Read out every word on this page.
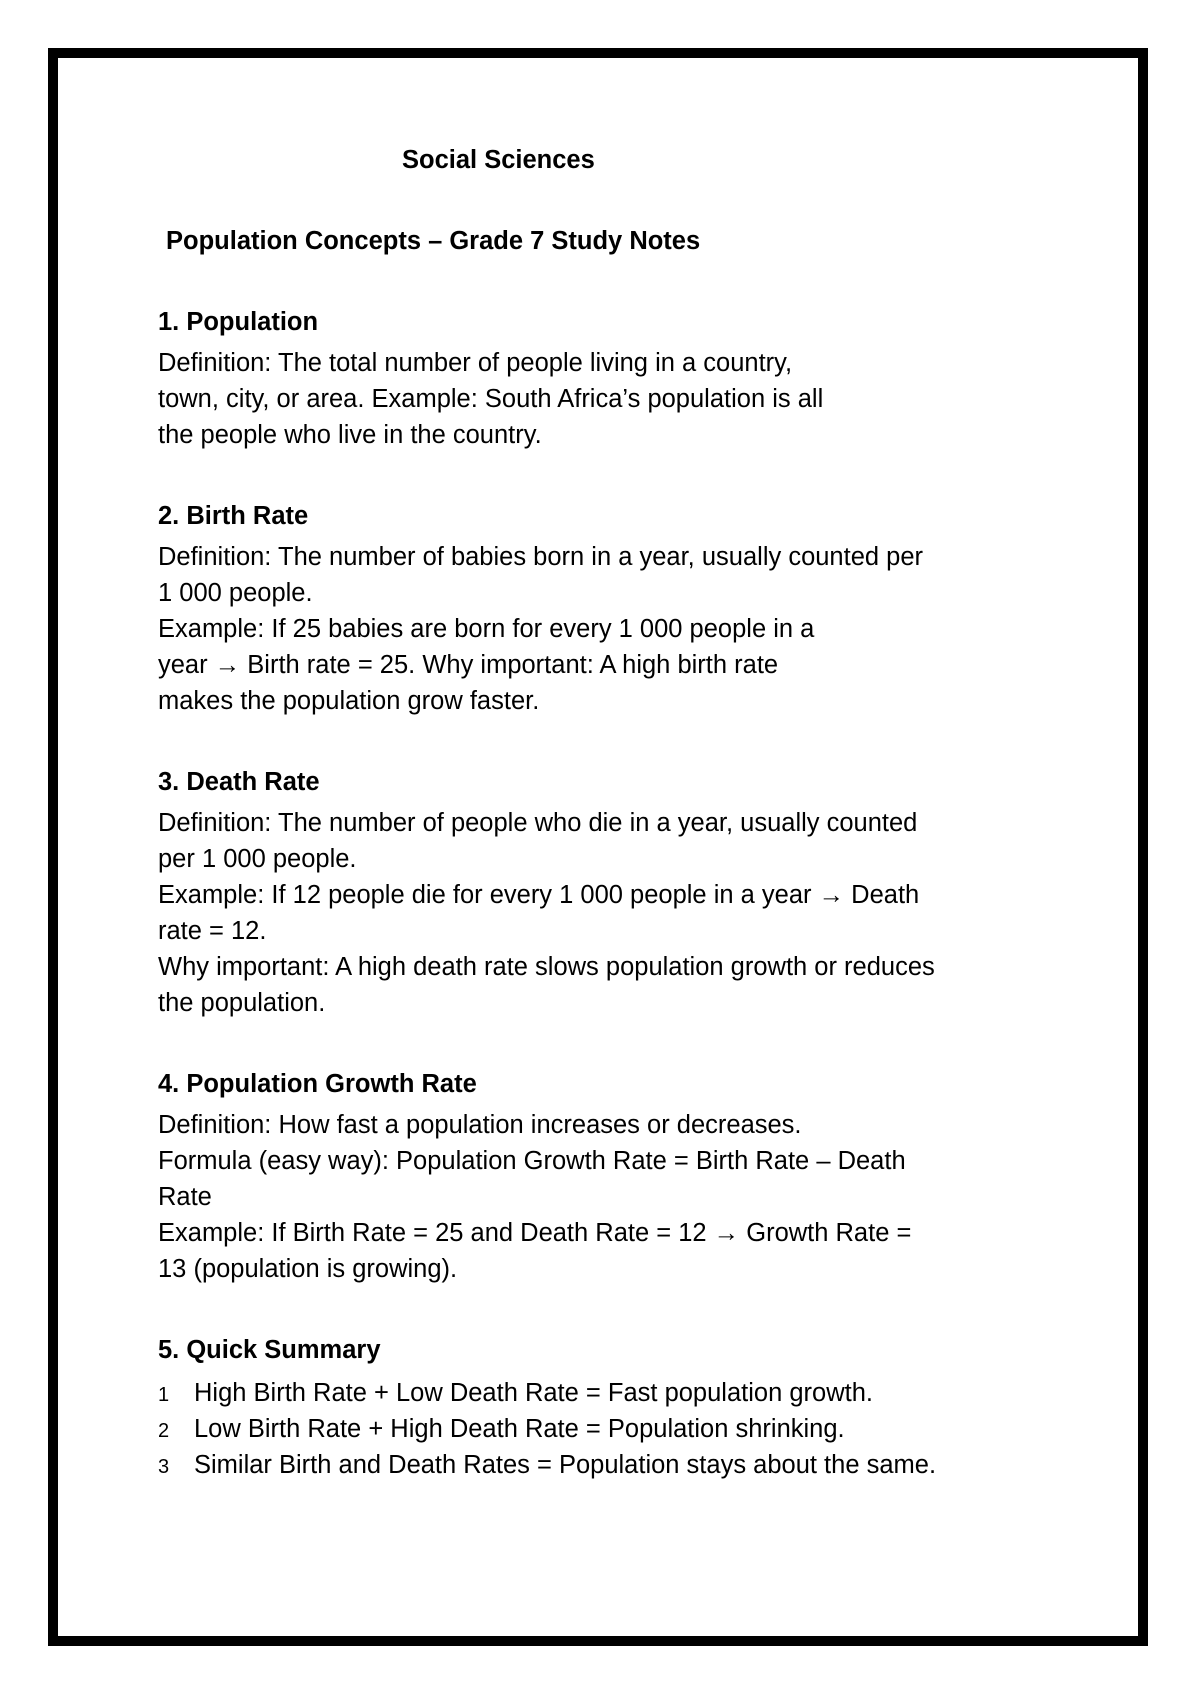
Social Sciences
Population Concepts – Grade 7 Study Notes
1. Population

Definition: The total number of people living in a country,

town, city, or area. Example: South Africa’s population is all

the people who live in the country.

2. Birth Rate

Definition: The number of babies born in a year, usually counted per

1 000 people.

Example: If 25 babies are born for every 1 000 people in a

year → Birth rate = 25. Why important: A high birth rate

makes the population grow faster.

3. Death Rate

Definition: The number of people who die in a year, usually counted

per 1 000 people.

Example: If 12 people die for every 1 000 people in a year → Death

rate = 12.

Why important: A high death rate slows population growth or reduces

the population.

4. Population Growth Rate

Definition: How fast a population increases or decreases.

Formula (easy way): Population Growth Rate = Birth Rate – Death

Rate

Example: If Birth Rate = 25 and Death Rate = 12 → Growth Rate =

13 (population is growing).

5. Quick Summary
1 High Birth Rate + Low Death Rate = Fast population growth.
2 Low Birth Rate + High Death Rate = Population shrinking.
3 Similar Birth and Death Rates = Population stays about the same.
